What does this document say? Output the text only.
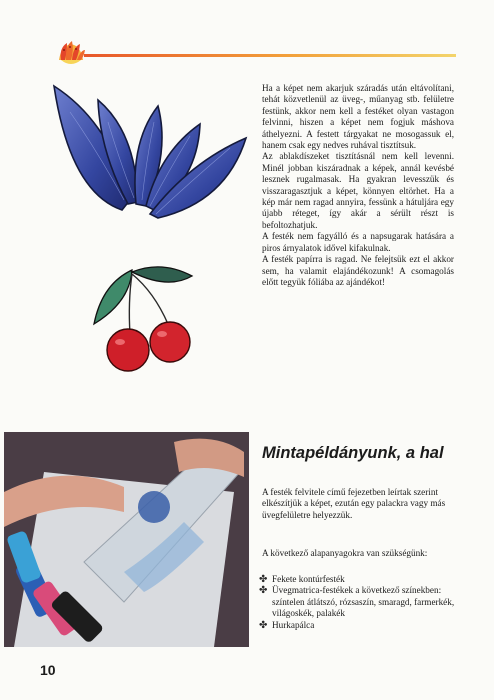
Ha a képet nem akarjuk száradás után eltávolítani, tehát közvetlenül az üveg-, műanyag stb. felületre festünk, akkor nem kell a festéket olyan vastagon felvinni, hiszen a képet nem fogjuk máshova áthelyezni. A festett tárgyakat ne mosogassuk el, hanem csak egy nedves ruhával tisztítsuk.

Az ablakdíszeket tisztításnál nem kell levenni. Minél jobban kiszáradnak a képek, annál kevésbé lesznek rugalmasak. Ha gyakran levesszük és visszaragasztjuk a képet, könnyen eltörhet. Ha a kép már nem ragad annyira, fessünk a hátuljára egy újabb réteget, így akár a sérült részt is befoltozhatjuk.

A festék nem fagyálló és a napsugarak hatására a piros árnyalatok idővel kifakulnak.

A festék papírra is ragad. Ne felejtsük ezt el akkor sem, ha valamit elajándékozunk! A csomagolás előtt tegyük fóliába az ajándékot!

Mintapéldányunk, a hal

A festék felvitele című fejezetben leírtak szerint elkészítjük a képet, ezután egy palackra vagy más üvegfelületre helyezzük.

A következő alapanyagokra van szükségünk:

✤ Fekete kontúrfesték
✤ Üvegmatrica-festékek a következő színekben: színtelen átlátszó, rózsaszín, smaragd, farmerkék, világoskék, palakék
✤ Hurkapálca
10
